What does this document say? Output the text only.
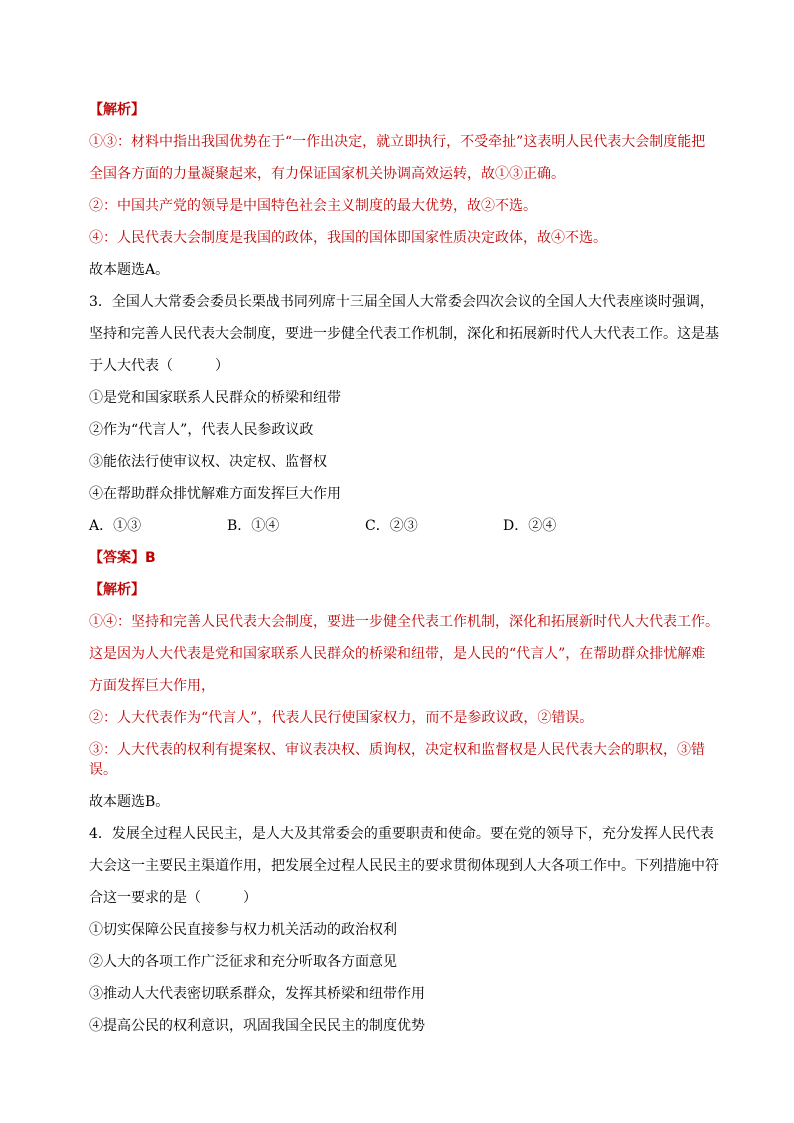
【解析】
①③：材料中指出我国优势在于“一作出决定，就立即执行，不受牵扯”这表明人民代表大会制度能把全国各方面的力量凝聚起来，有力保证国家机关协调高效运转，故①③正确。
②：中国共产党的领导是中国特色社会主义制度的最大优势，故②不选。
④：人民代表大会制度是我国的政体，我国的国体即国家性质决定政体，故④不选。
故本题选A。
3．全国人大常委会委员长栗战书同列席十三届全国人大常委会四次会议的全国人大代表座谈时强调，坚持和完善人民代表大会制度，要进一步健全代表工作机制，深化和拓展新时代人大代表工作。这是基于人大代表（　　　）
①是党和国家联系人民群众的桥梁和纽带
②作为“代言人”，代表人民参政议政
③能依法行使审议权、决定权、监督权
④在帮助群众排忧解难方面发挥巨大作用
A．①③	B．①④	C．②③	D．②④
【答案】B
【解析】
①④：坚持和完善人民代表大会制度，要进一步健全代表工作机制，深化和拓展新时代人大代表工作。这是因为人大代表是党和国家联系人民群众的桥梁和纽带，是人民的“代言人”，在帮助群众排忧解难方面发挥巨大作用，
②：人大代表作为“代言人”，代表人民行使国家权力，而不是参政议政，②错误。
③：人大代表的权利有提案权、审议表决权、质询权，决定权和监督权是人民代表大会的职权，③错误。
故本题选B。
4．发展全过程人民民主，是人大及其常委会的重要职责和使命。要在党的领导下，充分发挥人民代表大会这一主要民主渠道作用，把发展全过程人民民主的要求贯彻体现到人大各项工作中。下列措施中符合这一要求的是（　　　）
①切实保障公民直接参与权力机关活动的政治权利
②人大的各项工作广泛征求和充分听取各方面意见
③推动人大代表密切联系群众，发挥其桥梁和纽带作用
④提高公民的权利意识，巩固我国全民民主的制度优势
